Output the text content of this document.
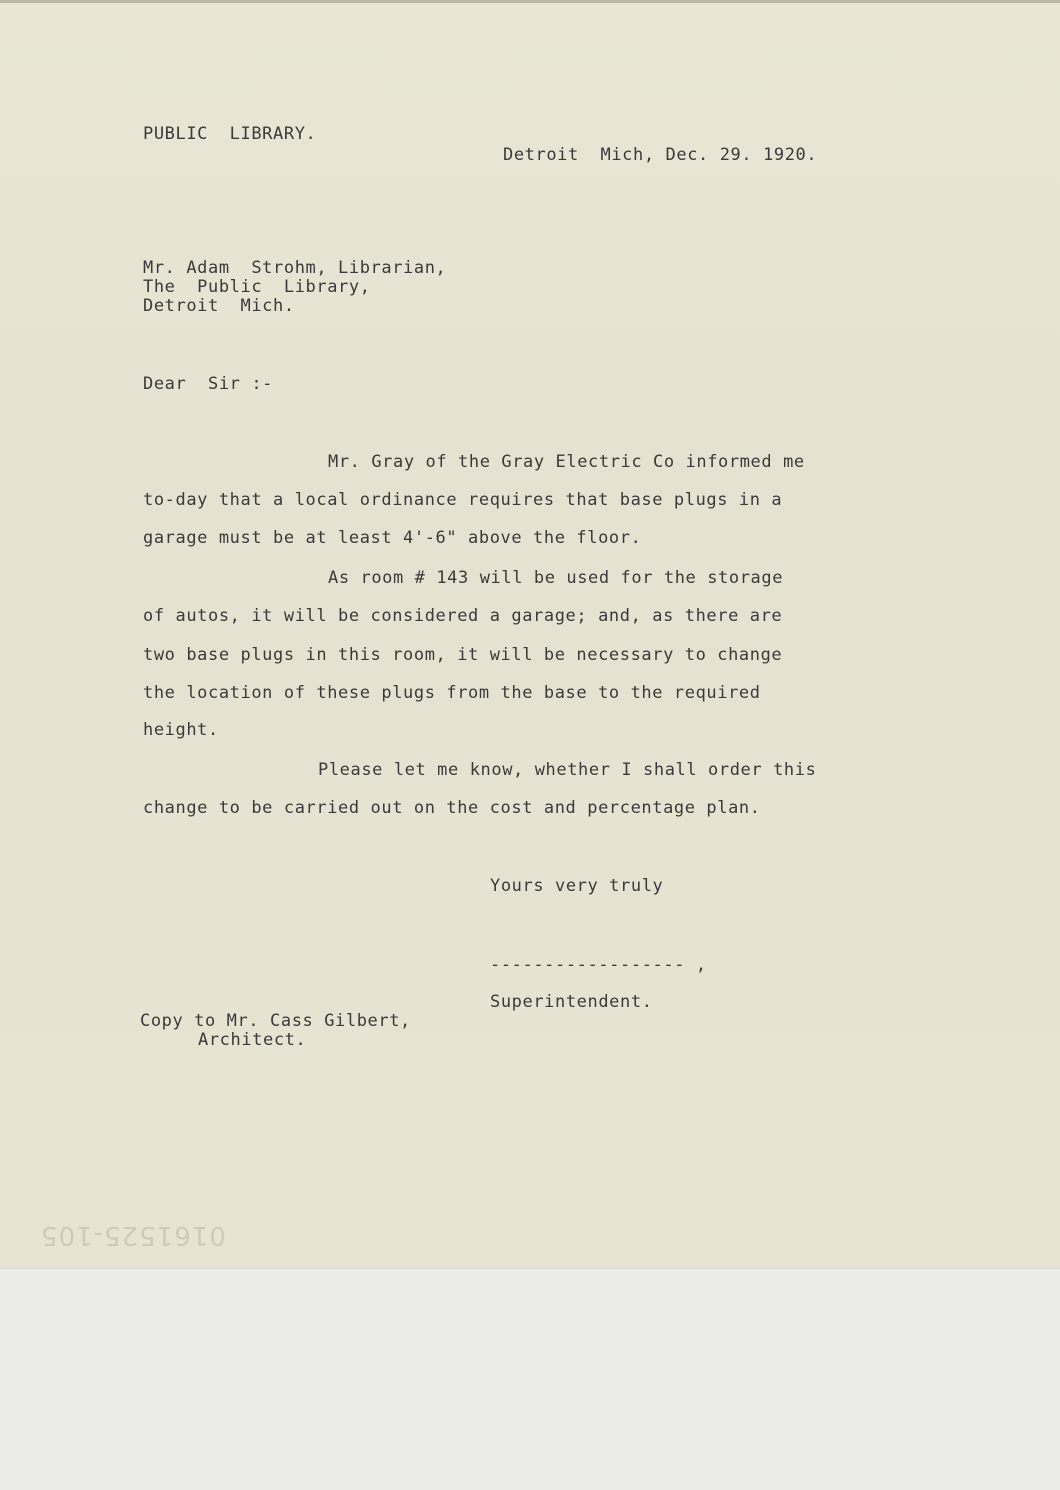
PUBLIC  LIBRARY.
Detroit  Mich, Dec. 29. 1920.
Mr. Adam  Strohm, Librarian,
The  Public  Library,
Detroit  Mich.
Dear  Sir :-
Mr. Gray of the Gray Electric Co informed me
to-day that a local ordinance requires that base plugs in a
garage must be at least 4'-6" above the floor.
As room # 143 will be used for the storage
of autos, it will be considered a garage; and, as there are
two base plugs in this room, it will be necessary to change
the location of these plugs from the base to the required
height.
Please let me know, whether I shall order this
change to be carried out on the cost and percentage plan.
Yours very truly
------------------ ,
Superintendent.
Copy to Mr. Cass Gilbert,
Architect.
0161525-105
